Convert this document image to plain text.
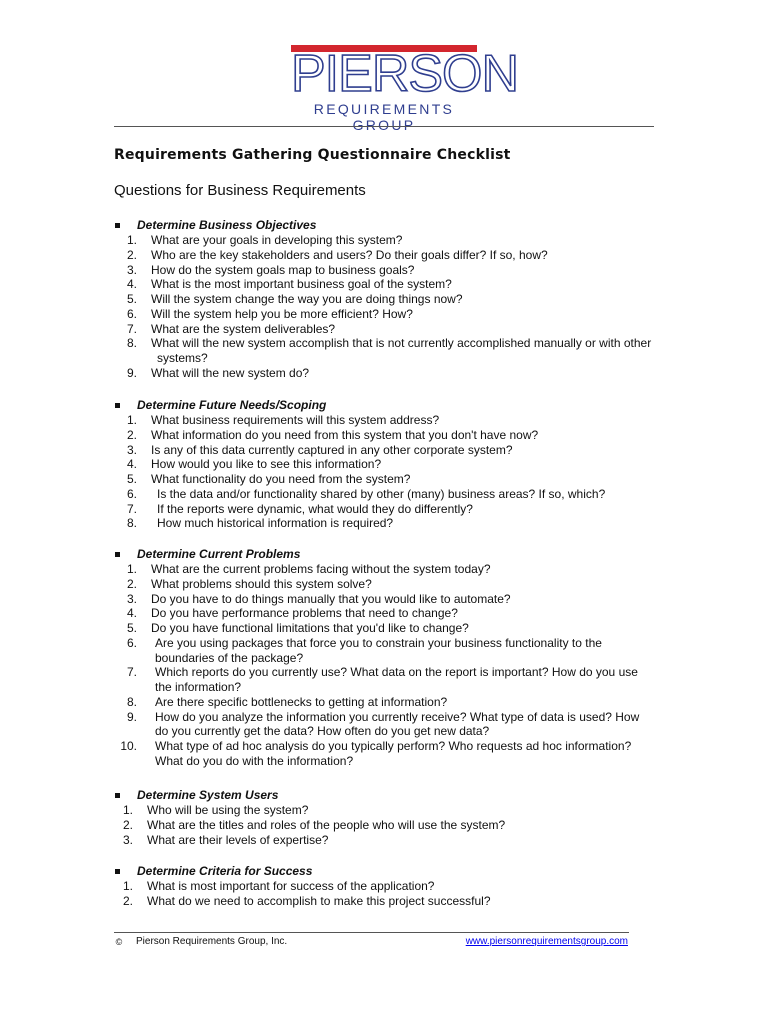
PIERSON
REQUIREMENTS GROUP
Requirements Gathering Questionnaire Checklist
Questions for Business Requirements
Determine Business Objectives
1. What are your goals in developing this system?
2. Who are the key stakeholders and users? Do their goals differ? If so, how?
3. How do the system goals map to business goals?
4. What is the most important business goal of the system?
5. Will the system change the way you are doing things now?
6. Will the system help you be more efficient? How?
7. What are the system deliverables?
8. What will the new system accomplish that is not currently accomplished manually or with other systems?
9. What will the new system do?
Determine Future Needs/Scoping
1. What business requirements will this system address?
2. What information do you need from this system that you don't have now?
3. Is any of this data currently captured in any other corporate system?
4. How would you like to see this information?
5. What functionality do you need from the system?
6. Is the data and/or functionality shared by other (many) business areas? If so, which?
7. If the reports were dynamic, what would they do differently?
8. How much historical information is required?
Determine Current Problems
1. What are the current problems facing without the system today?
2. What problems should this system solve?
3. Do you have to do things manually that you would like to automate?
4. Do you have performance problems that need to change?
5. Do you have functional limitations that you'd like to change?
6. Are you using packages that force you to constrain your business functionality to the boundaries of the package?
7. Which reports do you currently use? What data on the report is important? How do you use the information?
8. Are there specific bottlenecks to getting at information?
9. How do you analyze the information you currently receive? What type of data is used? How do you currently get the data? How often do you get new data?
10. What type of ad hoc analysis do you typically perform? Who requests ad hoc information? What do you do with the information?
Determine System Users
1. Who will be using the system?
2. What are the titles and roles of the people who will use the system?
3. What are their levels of expertise?
Determine Criteria for Success
1. What is most important for success of the application?
2. What do we need to accomplish to make this project successful?
© Pierson Requirements Group, Inc.	www.piersonrequirementsgroup.com
